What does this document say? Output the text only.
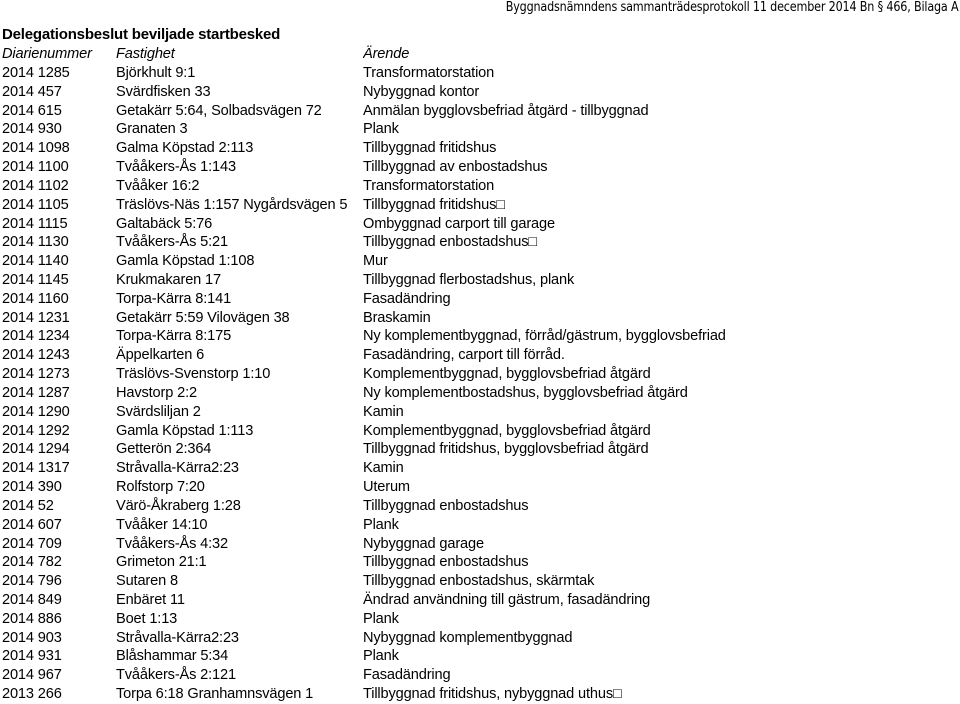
Byggnadsnämndens sammanträdesprotokoll 11 december 2014 Bn § 466, Bilaga A
Delegationsbeslut beviljade startbesked
Diarienummer	Fastighet	Ärende
2014 1285	Björkhult 9:1	Transformatorstation
2014 457	Svärdfisken 33	Nybyggnad kontor
2014 615	Getakärr 5:64, Solbadsvägen 72	Anmälan bygglovsbefriad åtgärd - tillbyggnad
2014 930	Granaten 3	Plank
2014 1098	Galma Köpstad 2:113	Tillbyggnad fritidshus
2014 1100	Tvååkers-Ås 1:143	Tillbyggnad av enbostadshus
2014 1102	Tvååker 16:2	Transformatorstation
2014 1105	Träslövs-Näs 1:157 Nygårdsvägen 5	Tillbyggnad fritidshus□
2014 1115	Galtabäck 5:76	Ombyggnad carport till garage
2014 1130	Tvååkers-Ås 5:21	Tillbyggnad enbostadshus□
2014 1140	Gamla Köpstad 1:108	Mur
2014 1145	Krukmakaren 17	Tillbyggnad flerbostadshus, plank
2014 1160	Torpa-Kärra 8:141	Fasadändring
2014 1231	Getakärr 5:59 Vilovägen 38	Braskamin
2014 1234	Torpa-Kärra 8:175	Ny komplementbyggnad, förråd/gästrum, bygglovsbefriad
2014 1243	Äppelkarten 6	Fasadändring, carport till förråd.
2014 1273	Träslövs-Svenstorp 1:10	Komplementbyggnad, bygglovsbefriad åtgärd
2014 1287	Havstorp 2:2	Ny komplementbostadshus, bygglovsbefriad åtgärd
2014 1290	Svärdsliljan 2	Kamin
2014 1292	Gamla Köpstad 1:113	Komplementbyggnad, bygglovsbefriad åtgärd
2014 1294	Getterön 2:364	Tillbyggnad fritidshus, bygglovsbefriad åtgärd
2014 1317	Stråvalla-Kärra2:23	Kamin
2014 390	Rolfstorp 7:20	Uterum
2014 52	Värö-Åkraberg 1:28	Tillbyggnad enbostadshus
2014 607	Tvååker 14:10	Plank
2014 709	Tvååkers-Ås 4:32	Nybyggnad garage
2014 782	Grimeton 21:1	Tillbyggnad enbostadshus
2014 796	Sutaren 8	Tillbyggnad enbostadshus, skärmtak
2014 849	Enbäret 11	Ändrad användning till gästrum, fasadändring
2014 886	Boet 1:13	Plank
2014 903	Stråvalla-Kärra2:23	Nybyggnad komplementbyggnad
2014 931	Blåshammar 5:34	Plank
2014 967	Tvååkers-Ås 2:121	Fasadändring
2013 266	Torpa 6:18 Granhamnsvägen 1	Tillbyggnad fritidshus, nybyggnad uthus□
